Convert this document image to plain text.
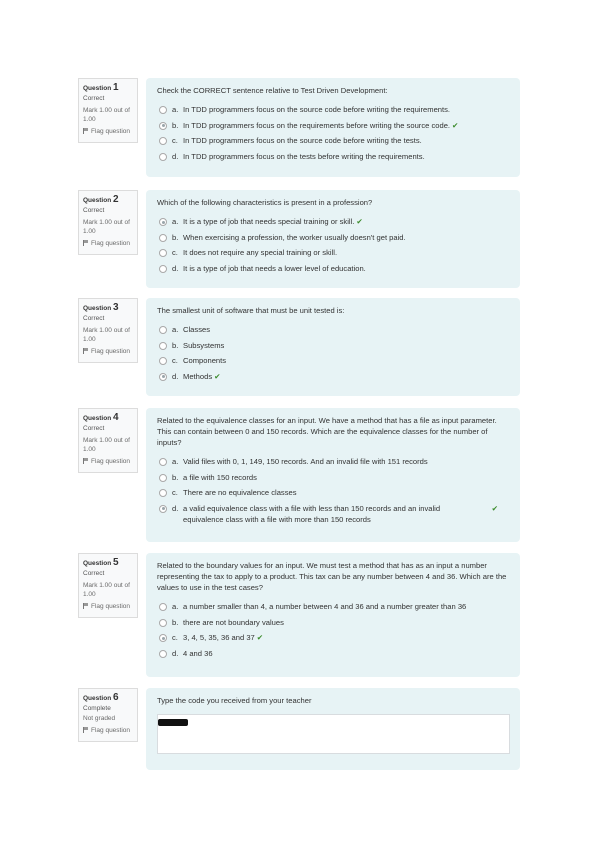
Question 1
Correct
Mark 1.00 out of 1.00
Flag question
Check the CORRECT sentence relative to Test Driven Development:
a. In TDD programmers focus on the source code before writing the requirements.
b. In TDD programmers focus on the requirements before writing the source code. ✔
c. In TDD programmers focus on the source code before writing the tests.
d. In TDD programmers focus on the tests before writing the requirements.
Question 2
Correct
Mark 1.00 out of 1.00
Flag question
Which of the following characteristics is present in a profession?
a. It is a type of job that needs special training or skill. ✔
b. When exercising a profession, the worker usually doesn't get paid.
c. It does not require any special training or skill.
d. It is a type of job that needs a lower level of education.
Question 3
Correct
Mark 1.00 out of 1.00
Flag question
The smallest unit of software that must be unit tested is:
a. Classes
b. Subsystems
c. Components
d. Methods ✔
Question 4
Correct
Mark 1.00 out of 1.00
Flag question
Related to the equivalence classes for an input. We have a method that has a file as input parameter. This can contain between 0 and 150 records. Which are the equivalence classes for the number of inputs?
a. Valid files with 0, 1, 149, 150 records. And an invalid file with 151 records
b. a file with 150 records
c. There are no equivalence classes
d. a valid equivalence class with a file with less than 150 records and an invalid equivalence class with a file with more than 150 records
✔
Question 5
Correct
Mark 1.00 out of 1.00
Flag question
Related to the boundary values for an input. We must test a method that has as an input a number representing the tax to apply to a product. This tax can be any number between 4 and 36. Which are the values to use in the test cases?
a. a number smaller than 4, a number between 4 and 36 and a number greater than 36
b. there are not boundary values
c. 3, 4, 5, 35, 36 and 37 ✔
d. 4 and 36
Question 6
Complete
Not graded
Flag question
Type the code you received from your teacher
